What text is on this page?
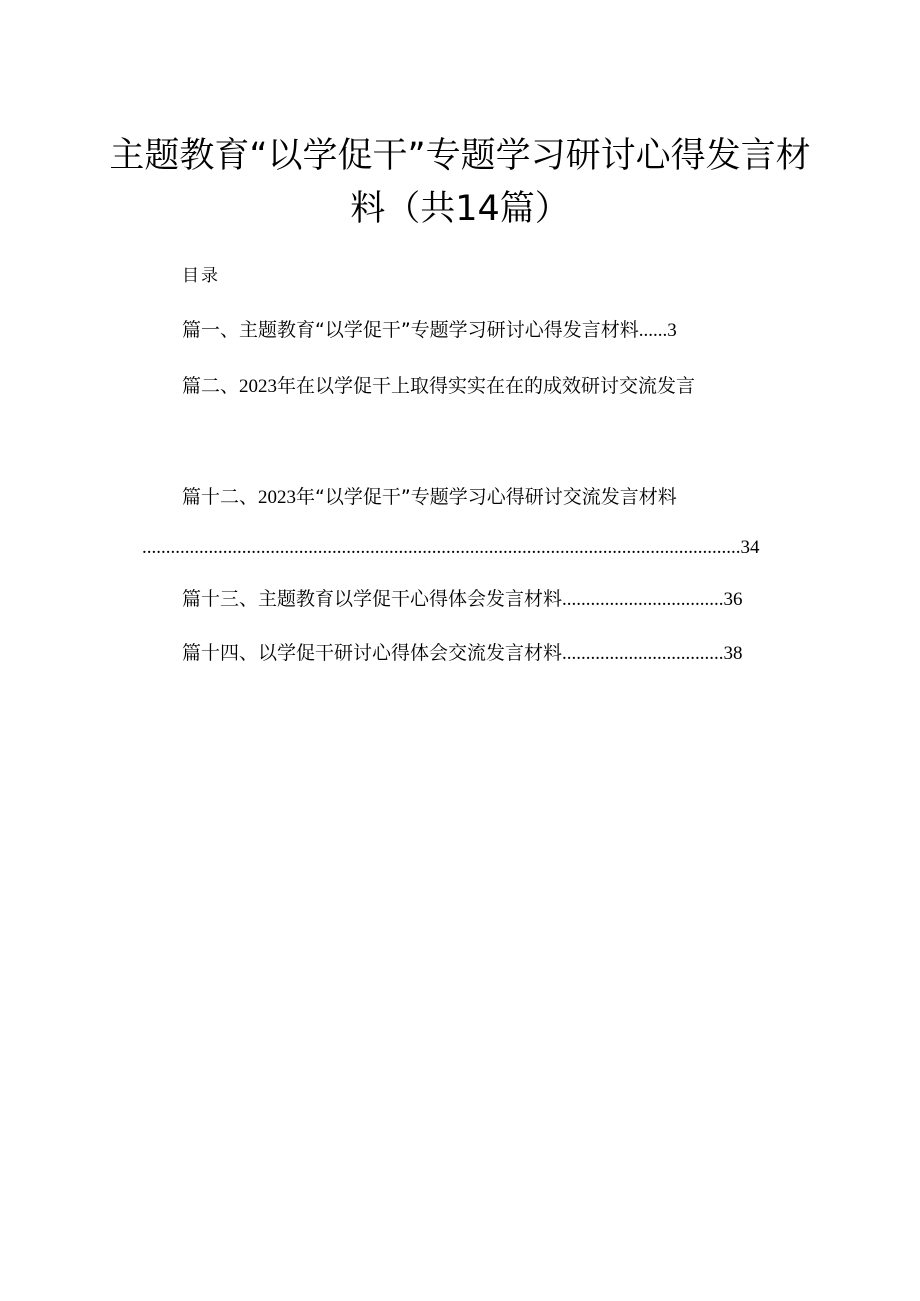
主题教育“以学促干”专题学习研讨心得发言材料（共14篇）
目录
篇一、主题教育“以学促干”专题学习研讨心得发言材料......3
篇二、2023年在以学促干上取得实实在在的成效研讨交流发言
篇十二、2023年“以学促干”专题学习心得研讨交流发言材料
..............................................................................................................................34
篇十三、主题教育以学促干心得体会发言材料..................................36
篇十四、以学促干研讨心得体会交流发言材料..................................38
